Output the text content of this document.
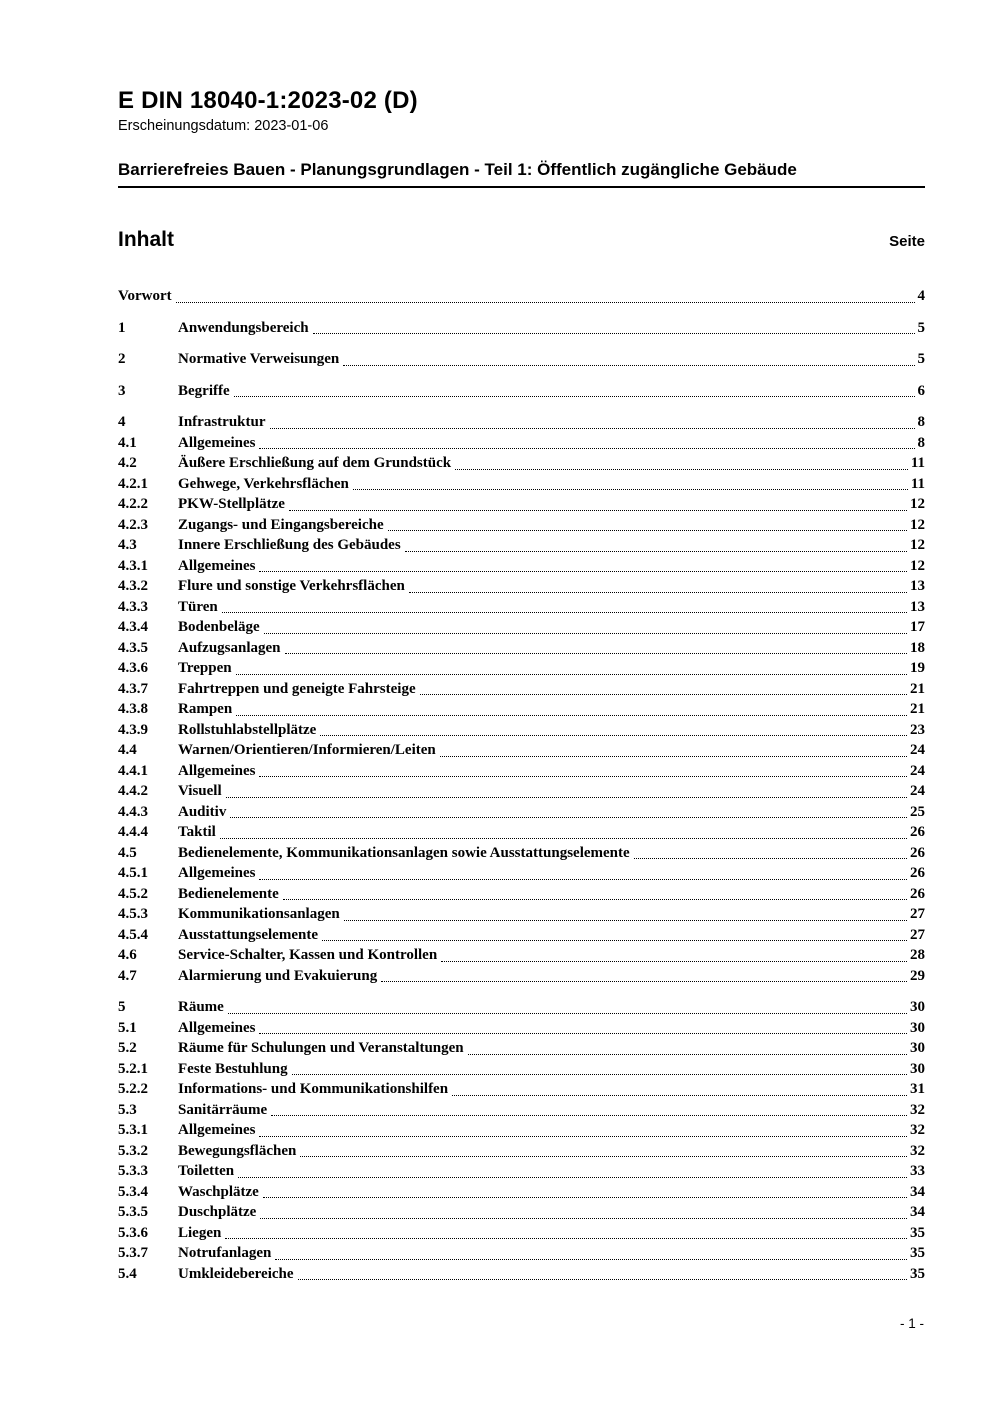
E DIN 18040-1:2023-02 (D)
Erscheinungsdatum: 2023-01-06
Barrierefreies Bauen - Planungsgrundlagen - Teil 1: Öffentlich zugängliche Gebäude
Inhalt	Seite
Vorwort	4
1	Anwendungsbereich	5
2	Normative Verweisungen	5
3	Begriffe	6
4	Infrastruktur	8
4.1	Allgemeines	8
4.2	Äußere Erschließung auf dem Grundstück	11
4.2.1	Gehwege, Verkehrsflächen	11
4.2.2	PKW-Stellplätze	12
4.2.3	Zugangs- und Eingangsbereiche	12
4.3	Innere Erschließung des Gebäudes	12
4.3.1	Allgemeines	12
4.3.2	Flure und sonstige Verkehrsflächen	13
4.3.3	Türen	13
4.3.4	Bodenbeläge	17
4.3.5	Aufzugsanlagen	18
4.3.6	Treppen	19
4.3.7	Fahrtreppen und geneigte Fahrsteige	21
4.3.8	Rampen	21
4.3.9	Rollstuhlabstellplätze	23
4.4	Warnen/Orientieren/Informieren/Leiten	24
4.4.1	Allgemeines	24
4.4.2	Visuell	24
4.4.3	Auditiv	25
4.4.4	Taktil	26
4.5	Bedienelemente, Kommunikationsanlagen sowie Ausstattungselemente	26
4.5.1	Allgemeines	26
4.5.2	Bedienelemente	26
4.5.3	Kommunikationsanlagen	27
4.5.4	Ausstattungselemente	27
4.6	Service-Schalter, Kassen und Kontrollen	28
4.7	Alarmierung und Evakuierung	29
5	Räume	30
5.1	Allgemeines	30
5.2	Räume für Schulungen und Veranstaltungen	30
5.2.1	Feste Bestuhlung	30
5.2.2	Informations- und Kommunikationshilfen	31
5.3	Sanitärräume	32
5.3.1	Allgemeines	32
5.3.2	Bewegungsflächen	32
5.3.3	Toiletten	33
5.3.4	Waschplätze	34
5.3.5	Duschplätze	34
5.3.6	Liegen	35
5.3.7	Notrufanlagen	35
5.4	Umkleidebereiche	35
- 1 -
